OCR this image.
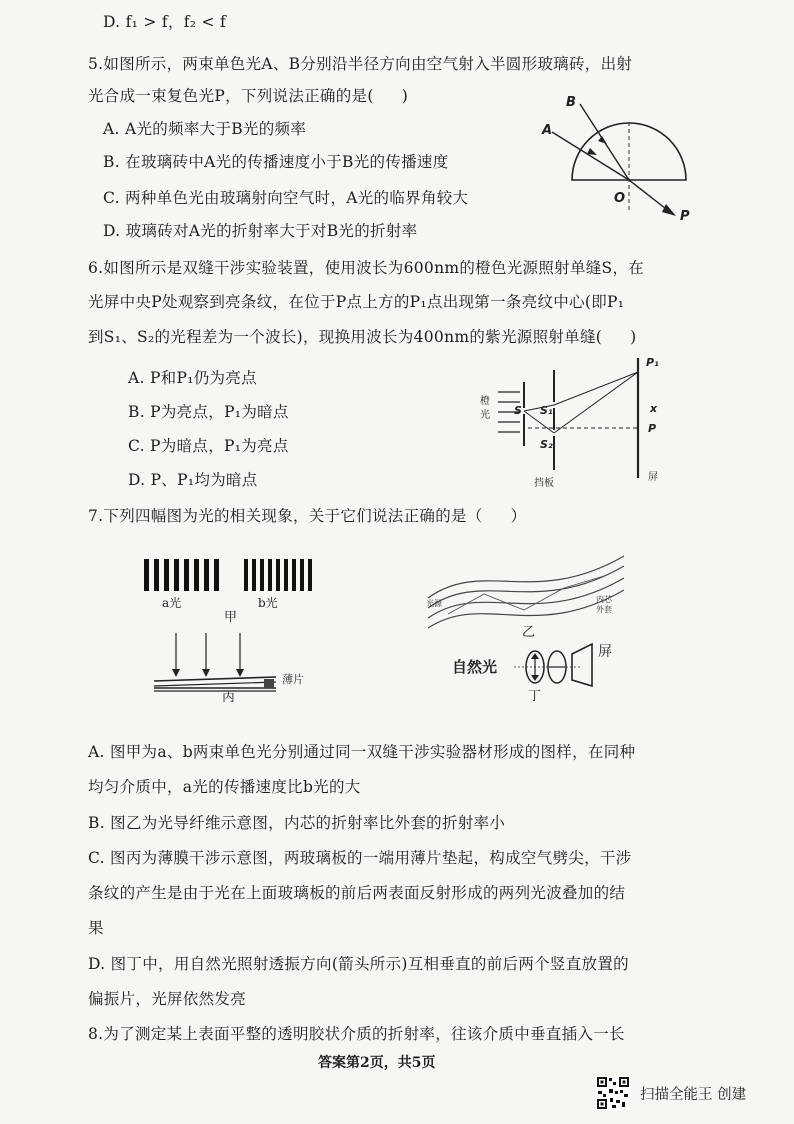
D. f₁ > f，f₂ < f
5.如图所示，两束单色光A、B分别沿半径方向由空气射入半圆形玻璃砖，出射
光合成一束复色光P，下列说法正确的是( )
A. A光的频率大于B光的频率
B. 在玻璃砖中A光的传播速度小于B光的传播速度
C. 两种单色光由玻璃射向空气时，A光的临界角较大
D. 玻璃砖对A光的折射率大于对B光的折射率
B
A
O
P
6.如图所示是双缝干涉实验装置，使用波长为600nm的橙色光源照射单缝S，在
光屏中央P处观察到亮条纹，在位于P点上方的P₁点出现第一条亮纹中心(即P₁
到S₁、S₂的光程差为一个波长)，现换用波长为400nm的紫光源照射单缝( )
A. P和P₁仍为亮点
B. P为亮点，P₁为暗点
C. P为暗点，P₁为亮点
D. P、P₁均为暗点
橙
光 S S₁
S₂
P₁
x
P
挡板
屏
7.下列四幅图为光的相关现象，关于它们说法正确的是（ ）
a光	b光
甲
薄片
丙
光源	内芯
外套
乙
自然光
屏
丁
A. 图甲为a、b两束单色光分别通过同一双缝干涉实验器材形成的图样，在同种
均匀介质中，a光的传播速度比b光的大
B. 图乙为光导纤维示意图，内芯的折射率比外套的折射率小
C. 图丙为薄膜干涉示意图，两玻璃板的一端用薄片垫起，构成空气劈尖，干涉
条纹的产生是由于光在上面玻璃板的前后两表面反射形成的两列光波叠加的结
果
D. 图丁中，用自然光照射透振方向(箭头所示)互相垂直的前后两个竖直放置的
偏振片，光屏依然发亮
8.为了测定某上表面平整的透明胶状介质的折射率，往该介质中垂直插入一长
答案第2页，共5页
扫描全能王 创建
